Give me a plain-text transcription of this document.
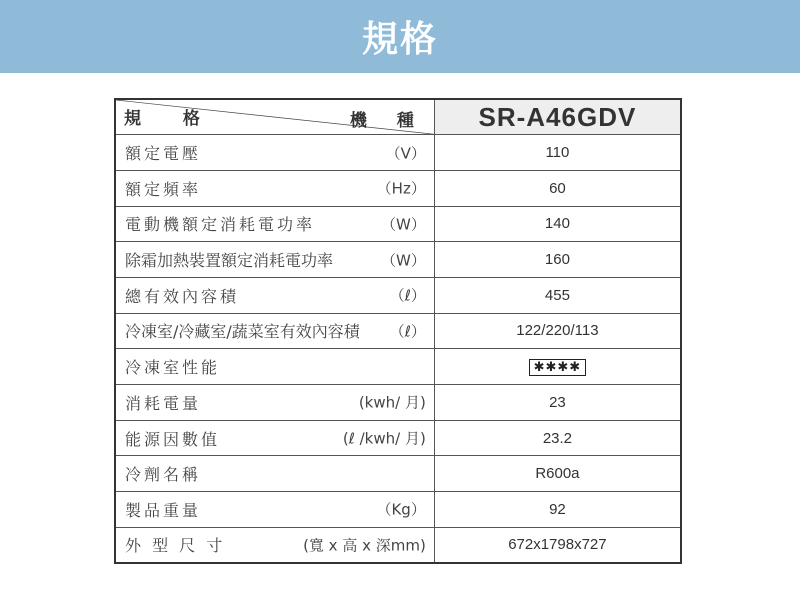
規格
機 種
規 格	SR-A46GDV
額定電壓 （V）	110
額定頻率 （Hz）	60
電動機額定消耗電功率 （W）	140
除霜加熱裝置額定消耗電功率 （W）	160
總有效內容積 （ℓ）	455
冷凍室/冷藏室/蔬菜室有效內容積 （ℓ）	122/220/113
冷凍室性能	✱✱✱✱
消耗電量 (kwh/ 月)	23
能源因數值 (ℓ /kwh/ 月)	23.2
冷劑名稱	R600a
製品重量 （Kg）	92
外 型 尺 寸 (寬 x 高 x 深mm)	672x1798x727
